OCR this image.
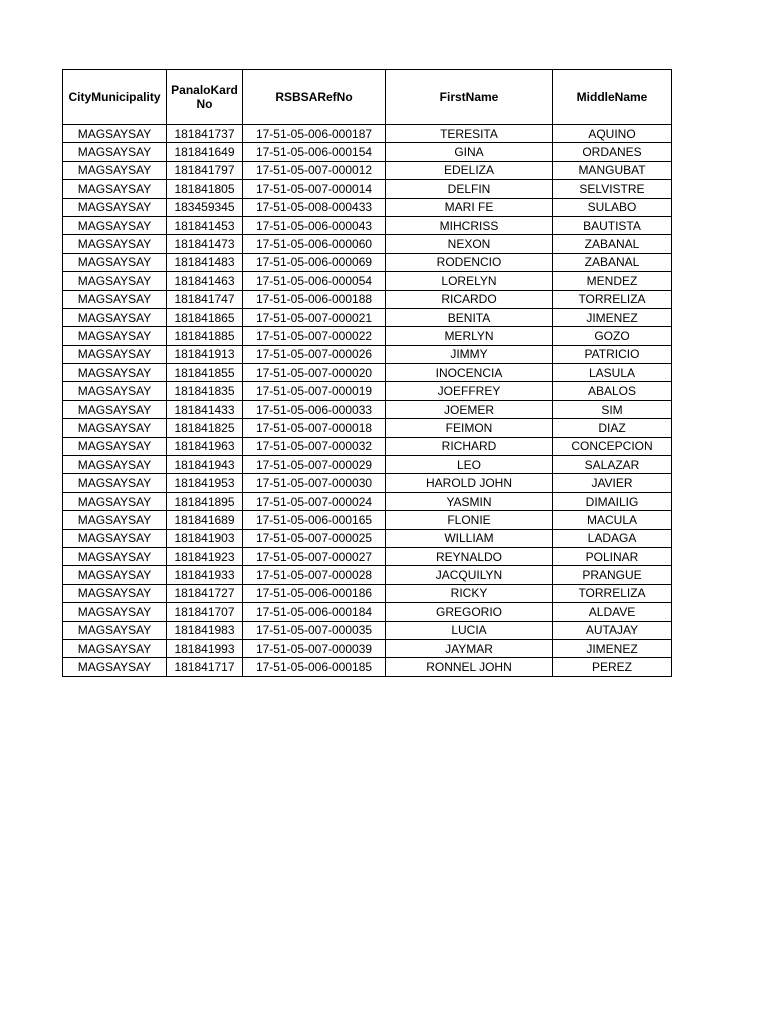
CityMunicipality	PanaloKard No	RSBSARefNo	FirstName	MiddleName
MAGSAYSAY	181841737	17-51-05-006-000187	TERESITA	AQUINO
MAGSAYSAY	181841649	17-51-05-006-000154	GINA	ORDANES
MAGSAYSAY	181841797	17-51-05-007-000012	EDELIZA	MANGUBAT
MAGSAYSAY	181841805	17-51-05-007-000014	DELFIN	SELVISTRE
MAGSAYSAY	183459345	17-51-05-008-000433	MARI FE	SULABO
MAGSAYSAY	181841453	17-51-05-006-000043	MIHCRISS	BAUTISTA
MAGSAYSAY	181841473	17-51-05-006-000060	NEXON	ZABANAL
MAGSAYSAY	181841483	17-51-05-006-000069	RODENCIO	ZABANAL
MAGSAYSAY	181841463	17-51-05-006-000054	LORELYN	MENDEZ
MAGSAYSAY	181841747	17-51-05-006-000188	RICARDO	TORRELIZA
MAGSAYSAY	181841865	17-51-05-007-000021	BENITA	JIMENEZ
MAGSAYSAY	181841885	17-51-05-007-000022	MERLYN	GOZO
MAGSAYSAY	181841913	17-51-05-007-000026	JIMMY	PATRICIO
MAGSAYSAY	181841855	17-51-05-007-000020	INOCENCIA	LASULA
MAGSAYSAY	181841835	17-51-05-007-000019	JOEFFREY	ABALOS
MAGSAYSAY	181841433	17-51-05-006-000033	JOEMER	SIM
MAGSAYSAY	181841825	17-51-05-007-000018	FEIMON	DIAZ
MAGSAYSAY	181841963	17-51-05-007-000032	RICHARD	CONCEPCION
MAGSAYSAY	181841943	17-51-05-007-000029	LEO	SALAZAR
MAGSAYSAY	181841953	17-51-05-007-000030	HAROLD JOHN	JAVIER
MAGSAYSAY	181841895	17-51-05-007-000024	YASMIN	DIMAILIG
MAGSAYSAY	181841689	17-51-05-006-000165	FLONIE	MACULA
MAGSAYSAY	181841903	17-51-05-007-000025	WILLIAM	LADAGA
MAGSAYSAY	181841923	17-51-05-007-000027	REYNALDO	POLINAR
MAGSAYSAY	181841933	17-51-05-007-000028	JACQUILYN	PRANGUE
MAGSAYSAY	181841727	17-51-05-006-000186	RICKY	TORRELIZA
MAGSAYSAY	181841707	17-51-05-006-000184	GREGORIO	ALDAVE
MAGSAYSAY	181841983	17-51-05-007-000035	LUCIA	AUTAJAY
MAGSAYSAY	181841993	17-51-05-007-000039	JAYMAR	JIMENEZ
MAGSAYSAY	181841717	17-51-05-006-000185	RONNEL JOHN	PEREZ
